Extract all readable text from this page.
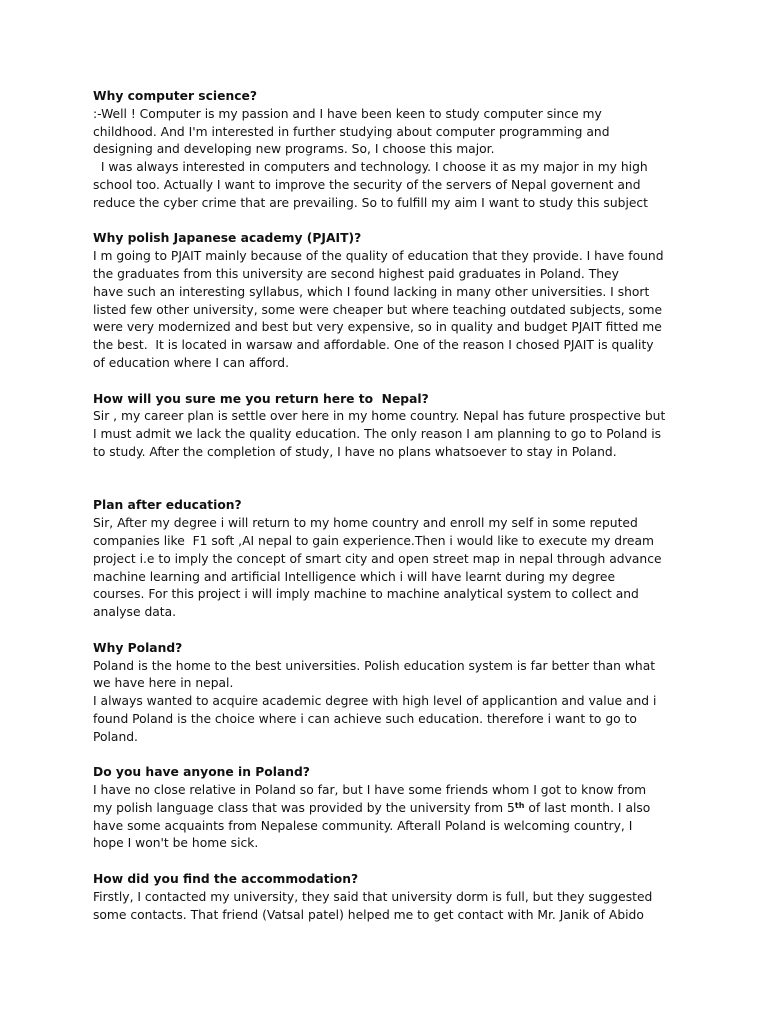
Why computer science?

:-Well ! Computer is my passion and I have been keen to study computer since my
childhood. And I'm interested in further studying about computer programming and
designing and developing new programs. So, I choose this major.
I was always interested in computers and technology. I choose it as my major in my high
school too. Actually I want to improve the security of the servers of Nepal governent and
reduce the cyber crime that are prevailing. So to fulfill my aim I want to study this subject

Why polish Japanese academy (PJAIT)?

I m going to PJAIT mainly because of the quality of education that they provide. I have found
the graduates from this university are second highest paid graduates in Poland. They
have such an interesting syllabus, which I found lacking in many other universities. I short
listed few other university, some were cheaper but where teaching outdated subjects, some
were very modernized and best but very expensive, so in quality and budget PJAIT fitted me
the best.  It is located in warsaw and affordable. One of the reason I chosed PJAIT is quality
of education where I can afford.

How will you sure me you return here to  Nepal?

Sir , my career plan is settle over here in my home country. Nepal has future prospective but
I must admit we lack the quality education. The only reason I am planning to go to Poland is
to study. After the completion of study, I have no plans whatsoever to stay in Poland.

Plan after education?

Sir, After my degree i will return to my home country and enroll my self in some reputed
companies like  F1 soft ,AI nepal to gain experience.Then i would like to execute my dream
project i.e to imply the concept of smart city and open street map in nepal through advance
machine learning and artificial Intelligence which i will have learnt during my degree
courses. For this project i will imply machine to machine analytical system to collect and
analyse data.

Why Poland?

Poland is the home to the best universities. Polish education system is far better than what
we have here in nepal.
I always wanted to acquire academic degree with high level of applicantion and value and i
found Poland is the choice where i can achieve such education. therefore i want to go to
Poland.

Do you have anyone in Poland?

I have no close relative in Poland so far, but I have some friends whom I got to know from
my polish language class that was provided by the university from 5th of last month. I also
have some acquaints from Nepalese community. Afterall Poland is welcoming country, I
hope I won't be home sick.

How did you find the accommodation?

Firstly, I contacted my university, they said that university dorm is full, but they suggested
some contacts. That friend (Vatsal patel) helped me to get contact with Mr. Janik of Abido
